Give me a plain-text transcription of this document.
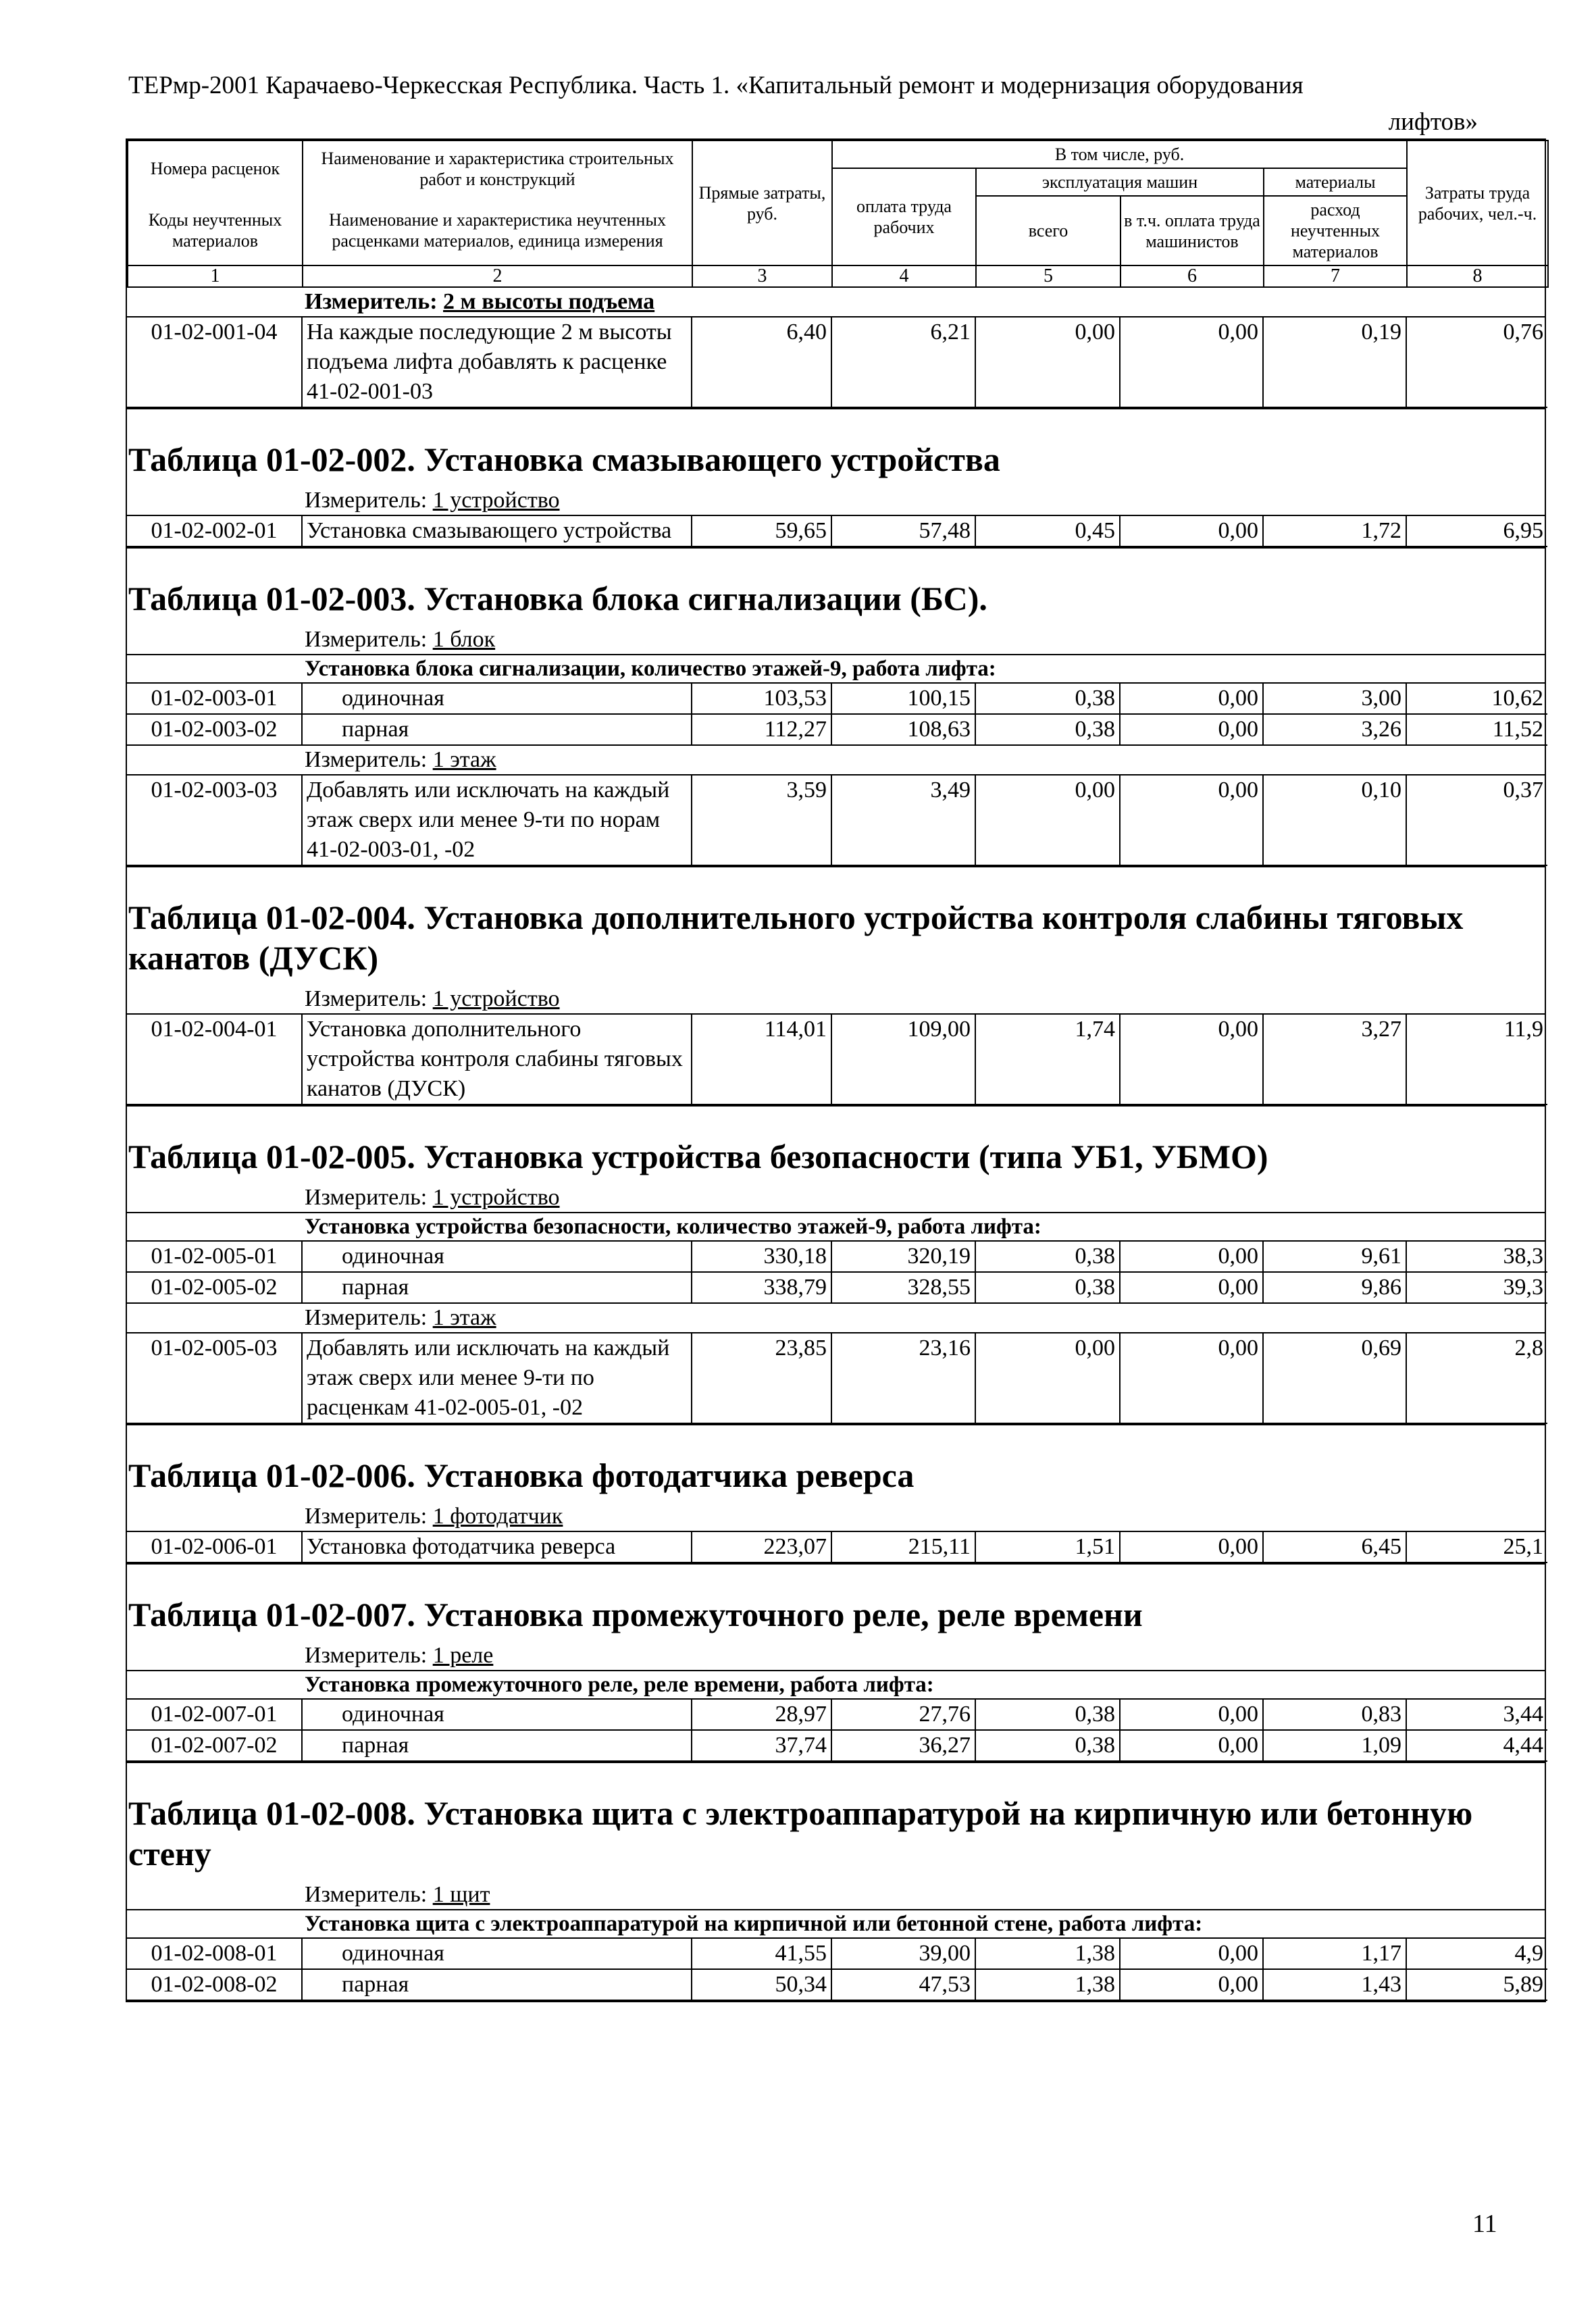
ТЕРмр-2001 Карачаево-Черкесская Республика. Часть 1. «Капитальный ремонт и модернизация оборудования
лифтов»
Номера расценок	Наименование и характеристика строительных работ и конструкций	Прямые затраты, руб.	В том числе, руб.				Затраты труда рабочих, чел.-ч.
			оплата труда рабочих	эксплуатация машин		материалы	
Коды неучтенных материалов	Наименование и характеристика неучтенных расценками материалов, единица измерения			всего	в т.ч. оплата труда машинистов	расход неучтенных материалов	

1	2	3	4	5	6	7	8
Измеритель: 2 м высоты подъема
01-02-001-04	На каждые последующие 2 м высоты подъема лифта добавлять к расценке 41-02-001-03	6,40	6,21	0,00	0,00	0,19	0,76
Таблица 01-02-002. Установка смазывающего устройства
Измеритель: 1 устройство
01-02-002-01	Установка смазывающего устройства	59,65	57,48	0,45	0,00	1,72	6,95
Таблица 01-02-003. Установка блока сигнализации (БС).
Измеритель: 1 блок
Установка блока сигнализации, количество этажей-9, работа лифта:
01-02-003-01	одиночная	103,53	100,15	0,38	0,00	3,00	10,62
01-02-003-02	парная	112,27	108,63	0,38	0,00	3,26	11,52
Измеритель: 1 этаж
01-02-003-03	Добавлять или исключать на каждый этаж сверх или менее 9-ти по норам 41-02-003-01, -02	3,59	3,49	0,00	0,00	0,10	0,37
Таблица 01-02-004. Установка дополнительного устройства контроля слабины тяговых канатов (ДУСК)
Измеритель: 1 устройство
01-02-004-01	Установка дополнительного устройства контроля слабины тяговых канатов (ДУСК)	114,01	109,00	1,74	0,00	3,27	11,9
Таблица 01-02-005. Установка устройства безопасности (типа УБ1, УБМО)
Измеритель: 1 устройство
Установка устройства безопасности, количество этажей-9, работа лифта:
01-02-005-01	одиночная	330,18	320,19	0,38	0,00	9,61	38,3
01-02-005-02	парная	338,79	328,55	0,38	0,00	9,86	39,3
Измеритель: 1 этаж
01-02-005-03	Добавлять или исключать на каждый этаж сверх или менее 9-ти по расценкам 41-02-005-01, -02	23,85	23,16	0,00	0,00	0,69	2,8
Таблица 01-02-006. Установка фотодатчика реверса
Измеритель: 1 фотодатчик
01-02-006-01	Установка фотодатчика реверса	223,07	215,11	1,51	0,00	6,45	25,1
Таблица 01-02-007. Установка промежуточного реле, реле времени
Измеритель: 1 реле
Установка промежуточного реле, реле времени, работа лифта:
01-02-007-01	одиночная	28,97	27,76	0,38	0,00	0,83	3,44
01-02-007-02	парная	37,74	36,27	0,38	0,00	1,09	4,44
Таблица 01-02-008. Установка щита с электроаппаратурой на кирпичную или бетонную стену
Измеритель: 1 щит
Установка щита с электроаппаратурой на кирпичной или бетонной стене, работа лифта:
01-02-008-01	одиночная	41,55	39,00	1,38	0,00	1,17	4,9
01-02-008-02	парная	50,34	47,53	1,38	0,00	1,43	5,89
11
